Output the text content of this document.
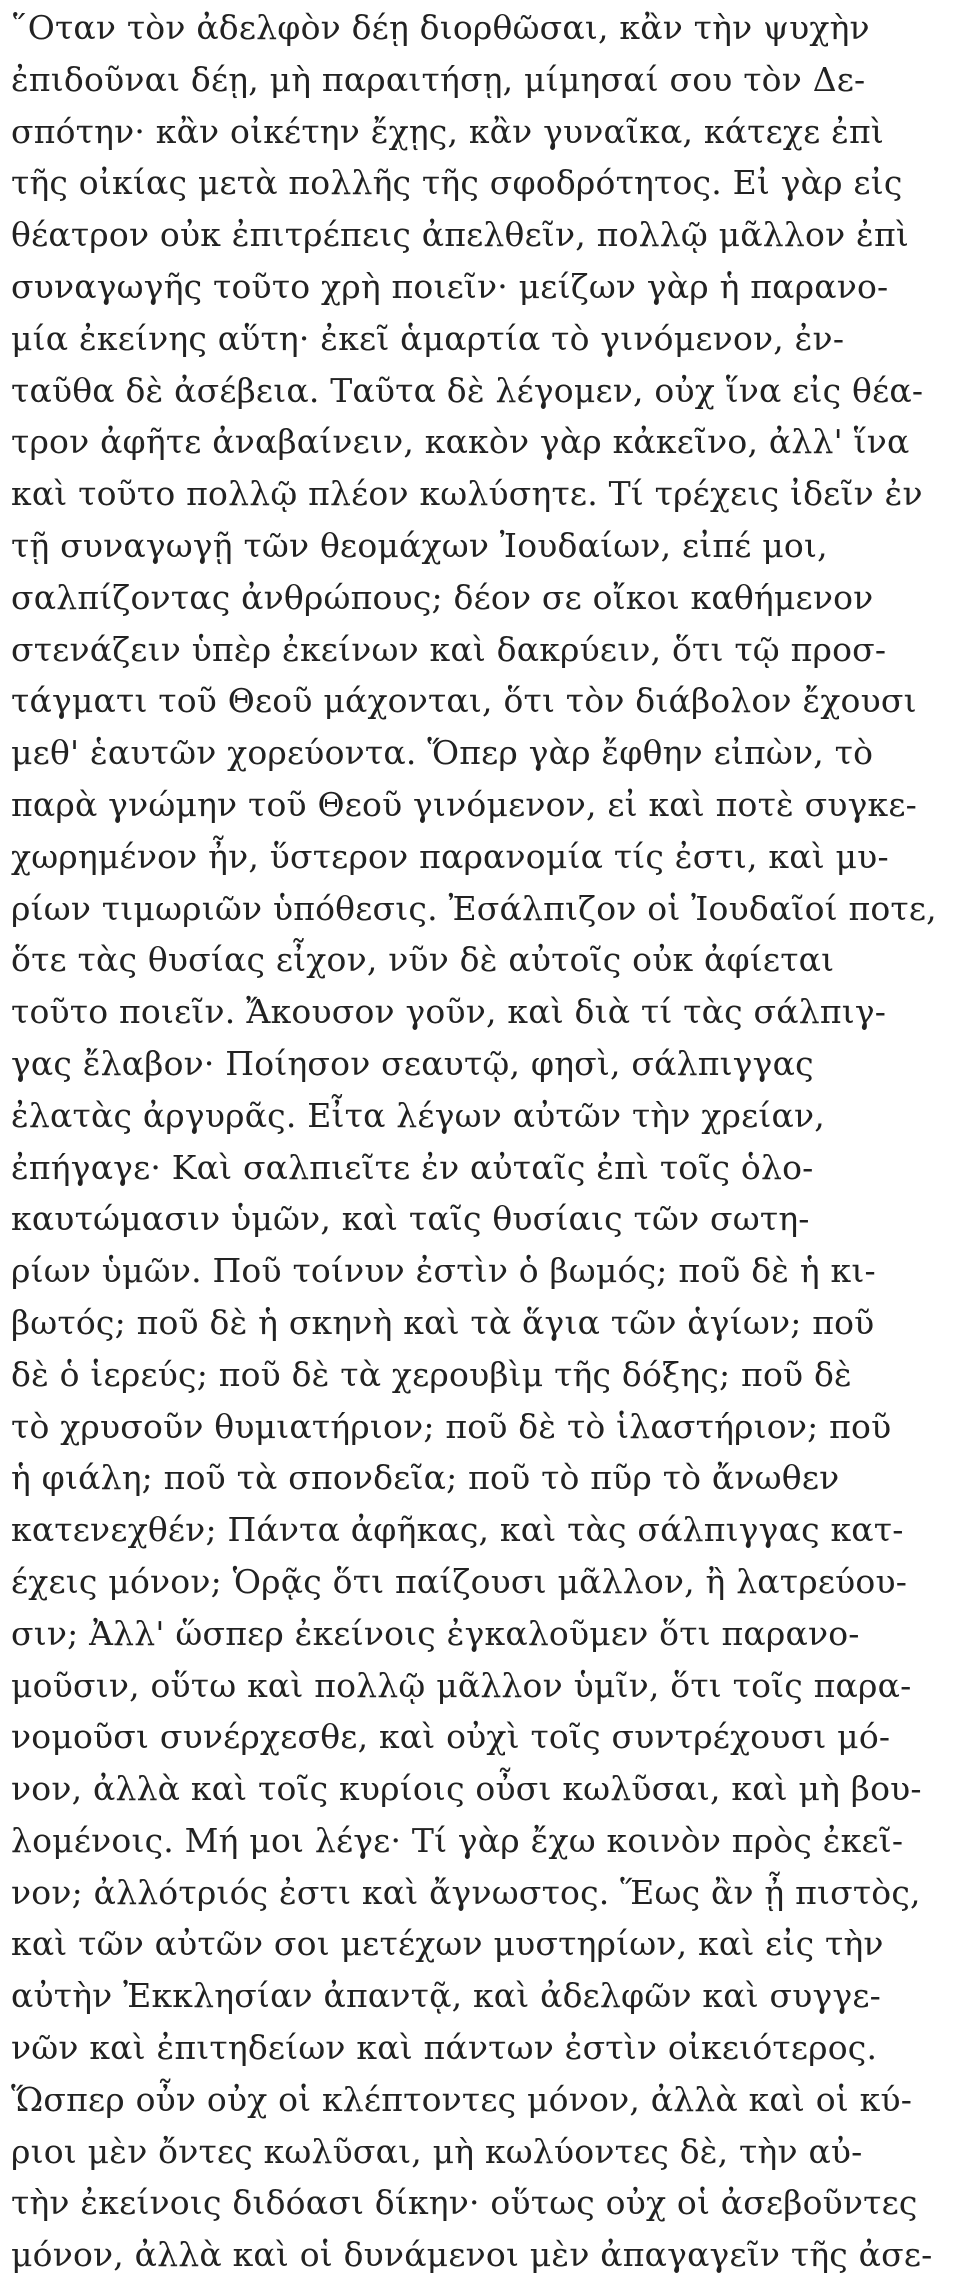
῞Οταν τὸν ἀδελφὸν δέῃ διορθῶσαι, κἂν τὴν ψυχὴν
ἐπιδοῦναι δέῃ, μὴ παραιτήσῃ, μίμησαί σου τὸν Δε-
σπότην· κἂν οἰκέτην ἔχῃς, κἂν γυναῖκα, κάτεχε ἐπὶ
τῆς οἰκίας μετὰ πολλῆς τῆς σφοδρότητος. Εἰ γὰρ εἰς
θέατρον οὐκ ἐπιτρέπεις ἀπελθεῖν, πολλῷ μᾶλλον ἐπὶ
συναγωγῆς τοῦτο χρὴ ποιεῖν· μείζων γὰρ ἡ παρανο-
μία ἐκείνης αὕτη· ἐκεῖ ἁμαρτία τὸ γινόμενον, ἐν-
ταῦθα δὲ ἀσέβεια. Ταῦτα δὲ λέγομεν, οὐχ ἵνα εἰς θέα-
τρον ἀφῆτε ἀναβαίνειν, κακὸν γὰρ κἀκεῖνο, ἀλλ' ἵνα
καὶ τοῦτο πολλῷ πλέον κωλύσητε. Τί τρέχεις ἰδεῖν ἐν
τῇ συναγωγῇ τῶν θεομάχων Ἰουδαίων, εἰπέ μοι,
σαλπίζοντας ἀνθρώπους; δέον σε οἴκοι καθήμενον
στενάζειν ὑπὲρ ἐκείνων καὶ δακρύειν, ὅτι τῷ προσ-
τάγματι τοῦ Θεοῦ μάχονται, ὅτι τὸν διάβολον ἔχουσι
μεθ' ἑαυτῶν χορεύοντα. Ὅπερ γὰρ ἔφθην εἰπὼν, τὸ
παρὰ γνώμην τοῦ Θεοῦ γινόμενον, εἰ καὶ ποτὲ συγκε-
χωρημένον ἦν, ὕστερον παρανομία τίς ἐστι, καὶ μυ-
ρίων τιμωριῶν ὑπόθεσις. Ἐσάλπιζον οἱ Ἰουδαῖοί ποτε,
ὅτε τὰς θυσίας εἶχον, νῦν δὲ αὐτοῖς οὐκ ἀφίεται
τοῦτο ποιεῖν. Ἄκουσον γοῦν, καὶ διὰ τί τὰς σάλπιγ-
γας ἔλαβον· Ποίησον σεαυτῷ, φησὶ, σάλπιγγας
ἐλατὰς ἀργυρᾶς. Εἶτα λέγων αὐτῶν τὴν χρείαν,
ἐπήγαγε· Καὶ σαλπιεῖτε ἐν αὐταῖς ἐπὶ τοῖς ὁλο-
καυτώμασιν ὑμῶν, καὶ ταῖς θυσίαις τῶν σωτη-
ρίων ὑμῶν. Ποῦ τοίνυν ἐστὶν ὁ βωμός; ποῦ δὲ ἡ κι-
βωτός; ποῦ δὲ ἡ σκηνὴ καὶ τὰ ἅγια τῶν ἁγίων; ποῦ
δὲ ὁ ἱερεύς; ποῦ δὲ τὰ χερουβὶμ τῆς δόξης; ποῦ δὲ
τὸ χρυσοῦν θυμιατήριον; ποῦ δὲ τὸ ἱλαστήριον; ποῦ
ἡ φιάλη; ποῦ τὰ σπονδεῖα; ποῦ τὸ πῦρ τὸ ἄνωθεν
κατενεχθέν; Πάντα ἀφῆκας, καὶ τὰς σάλπιγγας κατ-
έχεις μόνον; Ὁρᾷς ὅτι παίζουσι μᾶλλον, ἢ λατρεύου-
σιν; Ἀλλ' ὥσπερ ἐκείνοις ἐγκαλοῦμεν ὅτι παρανο-
μοῦσιν, οὕτω καὶ πολλῷ μᾶλλον ὑμῖν, ὅτι τοῖς παρα-
νομοῦσι συνέρχεσθε, καὶ οὐχὶ τοῖς συντρέχουσι μό-
νον, ἀλλὰ καὶ τοῖς κυρίοις οὖσι κωλῦσαι, καὶ μὴ βου-
λομένοις. Μή μοι λέγε· Τί γὰρ ἔχω κοινὸν πρὸς ἐκεῖ-
νον; ἀλλότριός ἐστι καὶ ἄγνωστος. Ἕως ἂν ᾖ πιστὸς,
καὶ τῶν αὐτῶν σοι μετέχων μυστηρίων, καὶ εἰς τὴν
αὐτὴν Ἐκκλησίαν ἀπαντᾷ, καὶ ἀδελφῶν καὶ συγγε-
νῶν καὶ ἐπιτηδείων καὶ πάντων ἐστὶν οἰκειότερος.
Ὥσπερ οὖν οὐχ οἱ κλέπτοντες μόνον, ἀλλὰ καὶ οἱ κύ-
ριοι μὲν ὄντες κωλῦσαι, μὴ κωλύοντες δὲ, τὴν αὐ-
τὴν ἐκείνοις διδόασι δίκην· οὕτως οὐχ οἱ ἀσεβοῦντες
μόνον, ἀλλὰ καὶ οἱ δυνάμενοι μὲν ἀπαγαγεῖν τῆς ἀσε-
